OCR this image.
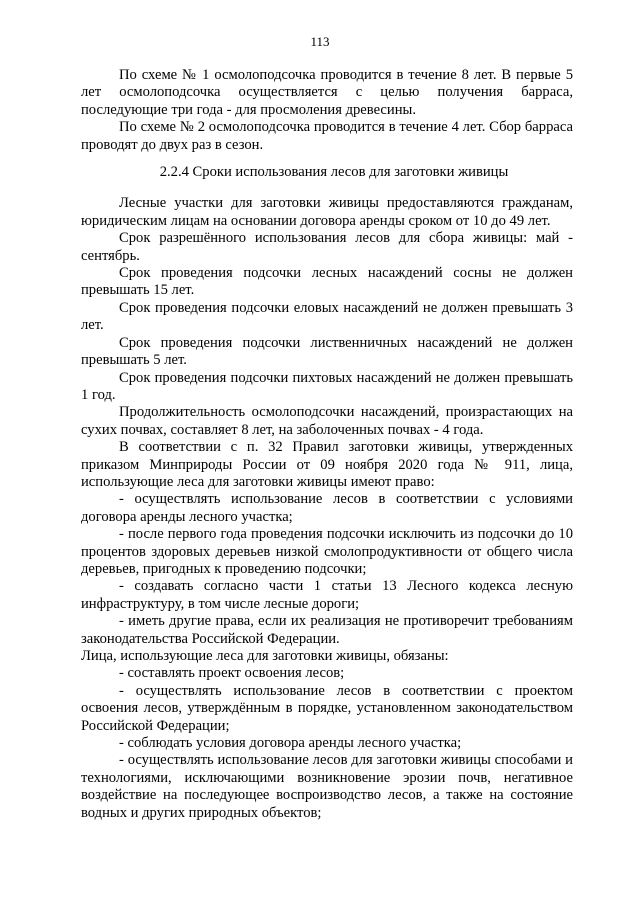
113

По схеме № 1 осмолоподсочка проводится в течение 8 лет. В первые 5 лет осмолоподсочка осуществляется с целью получения барраса, последующие три года - для просмоления древесины.

По схеме № 2 осмолоподсочка проводится в течение 4 лет. Сбор барраса проводят до двух раз в сезон.

2.2.4 Сроки использования лесов для заготовки живицы

Лесные участки для заготовки живицы предоставляются гражданам, юридическим лицам на основании договора аренды сроком от 10 до 49 лет.

Срок разрешённого использования лесов для сбора живицы: май - сентябрь.

Срок проведения подсочки лесных насаждений сосны не должен превышать 15 лет.

Срок проведения подсочки еловых насаждений не должен превышать 3 лет.

Срок проведения подсочки лиственничных насаждений не должен превышать 5 лет.

Срок проведения подсочки пихтовых насаждений не должен превышать 1 год.

Продолжительность осмолоподсочки насаждений, произрастающих на сухих почвах, составляет 8 лет, на заболоченных почвах - 4 года.

В соответствии с п. 32 Правил заготовки живицы, утвержденных приказом Минприроды России от 09 ноября 2020 года № 911, лица, использующие леса для заготовки живицы имеют право:

- осуществлять использование лесов в соответствии с условиями договора аренды лесного участка;

- после первого года проведения подсочки исключить из подсочки до 10 процентов здоровых деревьев низкой смолопродуктивности от общего числа деревьев, пригодных к проведению подсочки;

- создавать согласно части 1 статьи 13 Лесного кодекса лесную инфраструктуру, в том числе лесные дороги;

- иметь другие права, если их реализация не противоречит требованиям законодательства Российской Федерации.

Лица, использующие леса для заготовки живицы, обязаны:

- составлять проект освоения лесов;

- осуществлять использование лесов в соответствии с проектом освоения лесов, утверждённым в порядке, установленном законодательством Российской Федерации;

- соблюдать условия договора аренды лесного участка;

- осуществлять использование лесов для заготовки живицы способами и технологиями, исключающими возникновение эрозии почв, негативное воздействие на последующее воспроизводство лесов, а также на состояние водных и других природных объектов;
